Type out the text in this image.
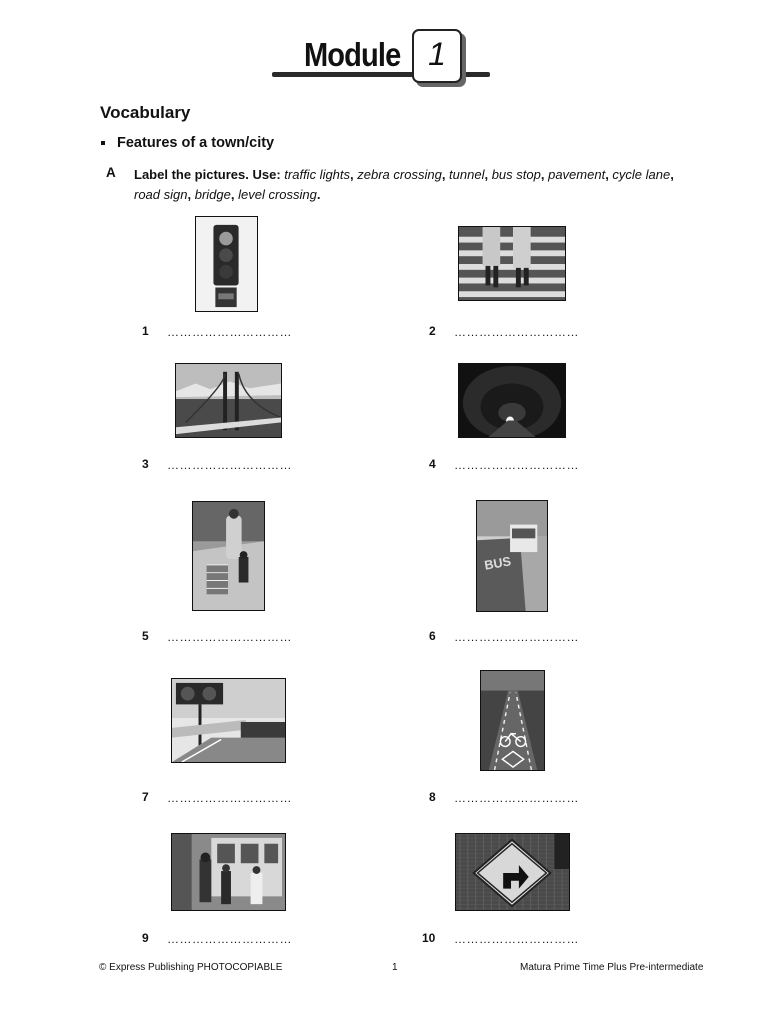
Module 1
Vocabulary
Features of a town/city
A Label the pictures. Use: traffic lights, zebra crossing, tunnel, bus stop, pavement, cycle lane, road sign, bridge, level crossing.
BUS
1 …………………………	2 …………………………
3 …………………………	4 …………………………
5 …………………………	6 …………………………
7 …………………………	8 …………………………
9 …………………………	10 …………………………
© Express Publishing PHOTOCOPIABLE	1	Matura Prime Time Plus Pre-intermediate
